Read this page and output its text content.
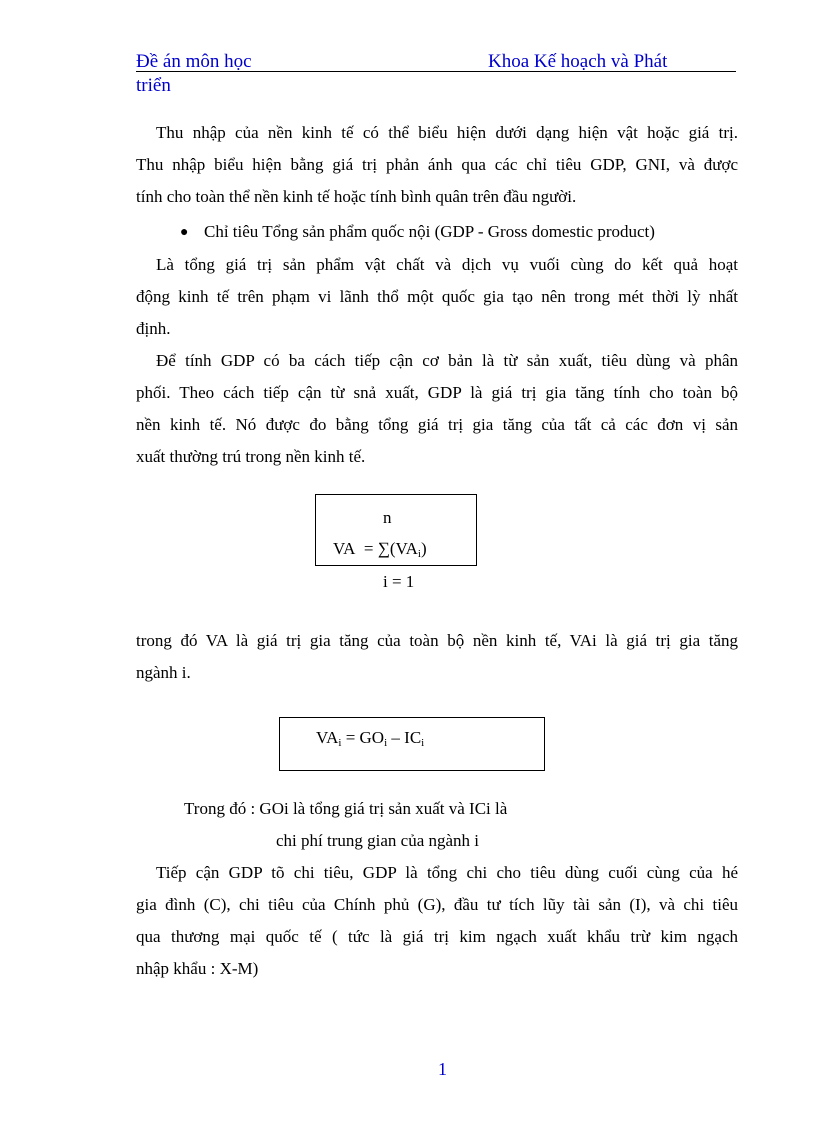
Đề án môn học	Khoa Kế hoạch và Phát
triển
Thu nhập của nền kinh tế có thể biểu hiện dưới dạng hiện vật hoặc giá trị.
Thu nhập biểu hiện bằng giá trị phản ánh qua các chỉ tiêu GDP, GNI, và được
tính cho toàn thể nền kinh tế hoặc tính bình quân trên đầu người.
● Chỉ tiêu Tổng sản phẩm quốc nội (GDP - Gross domestic product)
Là tổng giá trị sản phẩm vật chất và dịch vụ vuối cùng do kết quả hoạt
động kinh tế trên phạm vi lãnh thổ một quốc gia tạo nên trong mét thời lỳ nhất
định.
Để tính GDP có ba cách tiếp cận cơ bản là từ sản xuất, tiêu dùng và phân
phối. Theo cách tiếp cận từ snả xuất, GDP là giá trị gia tăng tính cho toàn bộ
nền kinh tế. Nó được đo bằng tổng giá trị gia tăng của tất cả các đơn vị sản
xuất thường trú trong nền kinh tế.
n
VA = $\sum(VA_i)$
i = 1
trong đó VA là giá trị gia tăng của toàn bộ nền kinh tế, VAi là giá trị gia tăng
ngành i.
$VA_i = GO_i - IC_i$
Trong đó : GOi là tổng giá trị sản xuất và ICi là
chi phí trung gian của ngành i
Tiếp cận GDP tõ chi tiêu, GDP là tổng chi cho tiêu dùng cuối cùng của hé
gia đình (C), chi tiêu của Chính phủ (G), đầu tư tích lũy tài sản (I), và chi tiêu
qua thương mại quốc tế ( tức là giá trị kim ngạch xuất khẩu trừ kim ngạch
nhập khẩu : X-M)
1
